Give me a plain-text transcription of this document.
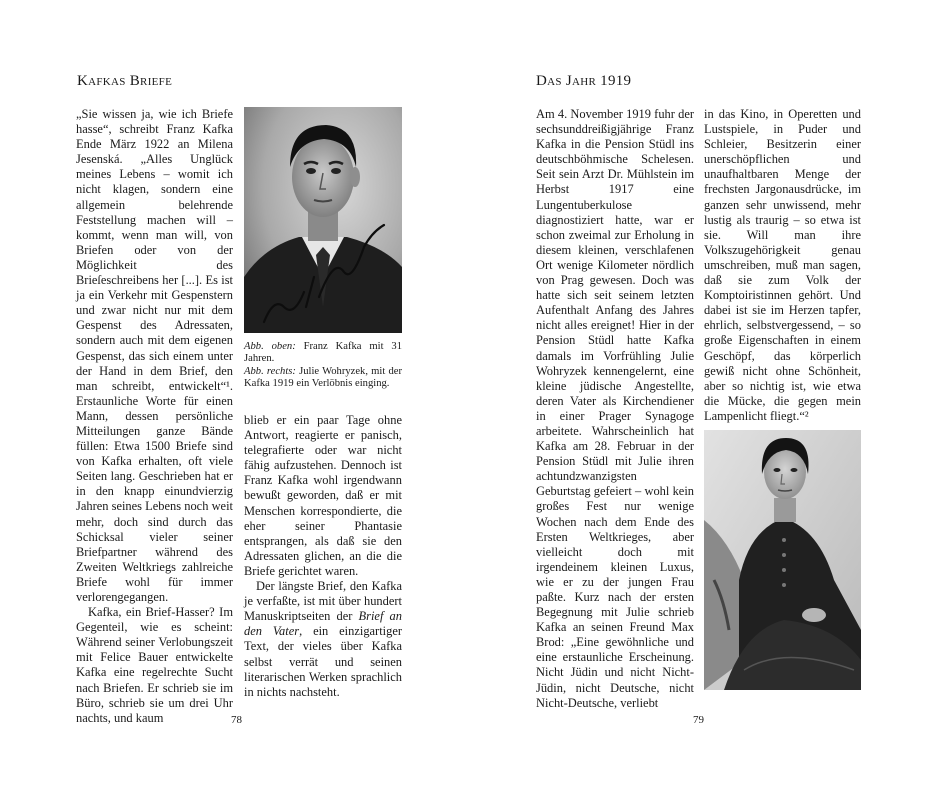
Kafkas Briefe

„Sie wissen ja, wie ich Briefe hasse“, schreibt Franz Kafka Ende März 1922 an Milena Jesenská. „Alles Unglück meines Lebens – womit ich nicht klagen, sondern eine allgemein belehrende Feststellung machen will – kommt, wenn man will, von Briefen oder von der Möglichkeit des Brieſeschreibens her [...]. Es ist ja ein Verkehr mit Gespenstern und zwar nicht nur mit dem Gespenst des Adressaten, sondern auch mit dem eigenen Gespenst, das sich einem unter der Hand in dem Brief, den man schreibt, entwickelt“¹. Erstaunliche Worte für einen Mann, dessen persönliche Mitteilungen ganze Bände füllen: Etwa 1500 Briefe sind von Kafka erhalten, oft viele Seiten lang. Geschrieben hat er in den knapp einundvierzig Jahren seines Lebens noch weit mehr, doch sind durch das Schicksal vieler seiner Briefpartner während des Zweiten Weltkriegs zahlreiche Briefe wohl für immer verlorengegangen.

Kafka, ein Brief-Hasser? Im Gegenteil, wie es scheint: Während seiner Verlobungszeit mit Felice Bauer entwickelte Kafka eine regelrechte Sucht nach Briefen. Er schrieb sie im Büro, schrieb sie um drei Uhr nachts, und kaum

Abb. oben: Franz Kafka mit 31 Jahren.
Abb. rechts: Julie Wohryzek, mit der Kafka 1919 ein Verlöbnis einging.

blieb er ein paar Tage ohne Antwort, reagierte er panisch, telegrafierte oder war nicht fähig aufzustehen. Dennoch ist Franz Kafka wohl irgendwann bewußt geworden, daß er mit Menschen korrespondierte, die eher seiner Phantasie entsprangen, als daß sie den Adressaten glichen, an die die Briefe gerichtet waren.

Der längste Brief, den Kafka je verfaßte, ist mit über hundert Manuskriptseiten der Brief an den Vater, ein einzigartiger Text, der vieles über Kafka selbst verrät und seinen literarischen Werken sprachlich in nichts nachsteht.

78
Das Jahr 1919

Am 4. November 1919 fuhr der sechsunddreißigjährige Franz Kafka in die Pension Stüdl ins deutschböhmische Schelesen. Seit sein Arzt Dr. Mühlstein im Herbst 1917 eine Lungentuberkulose diagnostiziert hatte, war er schon zweimal zur Erholung in diesem kleinen, verschlafenen Ort wenige Kilometer nördlich von Prag gewesen. Doch was hatte sich seit seinem letzten Aufenthalt Anfang des Jahres nicht alles ereignet! Hier in der Pension Stüdl hatte Kafka damals im Vorfrühling Julie Wohryzek kennengelernt, eine kleine jüdische Angestellte, deren Vater als Kirchendiener in einer Prager Synagoge arbeitete. Wahrscheinlich hat Kafka am 28. Februar in der Pension Stüdl mit Julie ihren achtundzwanzigsten Geburtstag gefeiert – wohl kein großes Fest nur wenige Wochen nach dem Ende des Ersten Weltkrieges, aber vielleicht doch mit irgendeinem kleinen Luxus, wie er zu der jungen Frau paßte. Kurz nach der ersten Begegnung mit Julie schrieb Kafka an seinen Freund Max Brod: „Eine gewöhnliche und eine erstaunliche Erscheinung. Nicht Jüdin und nicht Nicht-Jüdin, nicht Deutsche, nicht Nicht-Deutsche, verliebt

in das Kino, in Operetten und Lustspiele, in Puder und Schleier, Besitzerin einer unerschöpflichen und unaufhaltbaren Menge der frechsten Jargonausdrücke, im ganzen sehr unwissend, mehr lustig als traurig – so etwa ist sie. Will man ihre Volkszugehörigkeit genau umschreiben, muß man sagen, daß sie zum Volk der Komptoiristinnen gehört. Und dabei ist sie im Herzen tapfer, ehrlich, selbstvergessend, – so große Eigenschaften in einem Geschöpf, das körperlich gewiß nicht ohne Schönheit, aber so nichtig ist, wie etwa die Mücke, die gegen mein Lampenlicht fliegt.“²

79
